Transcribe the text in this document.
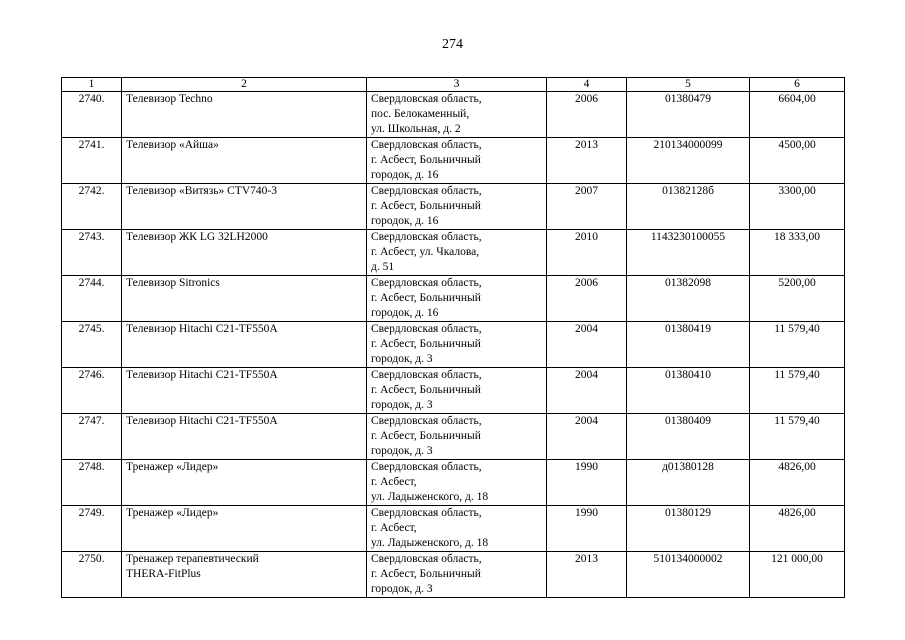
274
1	2	3	4	5	6
2740.	Телевизор Techno	Свердловская область,
пос. Белокаменный,
ул. Школьная, д. 2	2006	01380479	6604,00
2741.	Телевизор «Айша»	Свердловская область,
г. Асбест, Больничный
городок, д. 16	2013	210134000099	4500,00
2742.	Телевизор «Витязь» CTV740-3	Свердловская область,
г. Асбест, Больничный
городок, д. 16	2007	01382128б	3300,00
2743.	Телевизор ЖК LG 32LH2000	Свердловская область,
г. Асбест, ул. Чкалова,
д. 51	2010	1143230100055	18 333,00
2744.	Телевизор Sitronics	Свердловская область,
г. Асбест, Больничный
городок, д. 16	2006	01382098	5200,00
2745.	Телевизор Hitachi C21-TF550A	Свердловская область,
г. Асбест, Больничный
городок, д. 3	2004	01380419	11 579,40
2746.	Телевизор Hitachi C21-TF550A	Свердловская область,
г. Асбест, Больничный
городок, д. 3	2004	01380410	11 579,40
2747.	Телевизор Hitachi C21-TF550A	Свердловская область,
г. Асбест, Больничный
городок, д. 3	2004	01380409	11 579,40
2748.	Тренажер «Лидер»	Свердловская область,
г. Асбест,
ул. Ладыженского, д. 18	1990	д01380128	4826,00
2749.	Тренажер «Лидер»	Свердловская область,
г. Асбест,
ул. Ладыженского, д. 18	1990	01380129	4826,00
2750.	Тренажер терапевтический
THERA-FitPlus	Свердловская область,
г. Асбест, Больничный
городок, д. 3	2013	510134000002	121 000,00
